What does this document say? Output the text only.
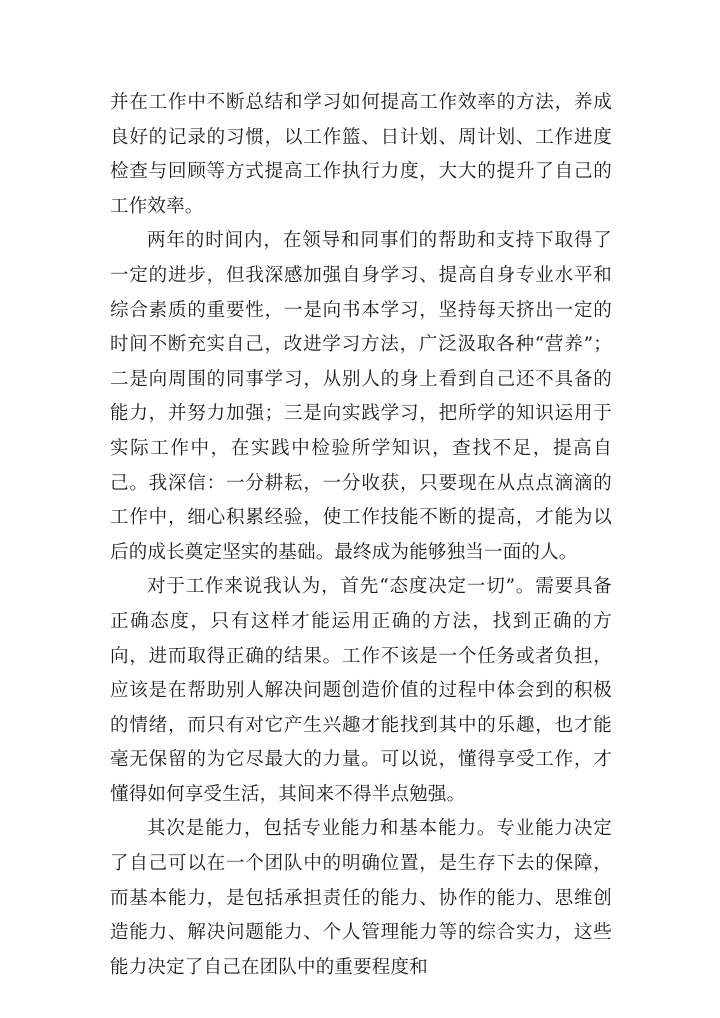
并在工作中不断总结和学习如何提高工作效率的方法，养成良好的记录的习惯，以工作篮、日计划、周计划、工作进度检查与回顾等方式提高工作执行力度，大大的提升了自己的工作效率。

两年的时间内，在领导和同事们的帮助和支持下取得了一定的进步，但我深感加强自身学习、提高自身专业水平和综合素质的重要性，一是向书本学习，坚持每天挤出一定的时间不断充实自己，改进学习方法，广泛汲取各种“营养”；二是向周围的同事学习，从别人的身上看到自己还不具备的能力，并努力加强；三是向实践学习，把所学的知识运用于实际工作中，在实践中检验所学知识，查找不足，提高自己。我深信：一分耕耘，一分收获，只要现在从点点滴滴的工作中，细心积累经验，使工作技能不断的提高，才能为以后的成长奠定坚实的基础。最终成为能够独当一面的人。

对于工作来说我认为，首先“态度决定一切”。需要具备正确态度，只有这样才能运用正确的方法，找到正确的方向，进而取得正确的结果。工作不该是一个任务或者负担，应该是在帮助别人解决问题创造价值的过程中体会到的积极的情绪，而只有对它产生兴趣才能找到其中的乐趣，也才能毫无保留的为它尽最大的力量。可以说，懂得享受工作，才懂得如何享受生活，其间来不得半点勉强。

其次是能力，包括专业能力和基本能力。专业能力决定了自己可以在一个团队中的明确位置，是生存下去的保障，而基本能力，是包括承担责任的能力、协作的能力、思维创造能力、解决问题能力、个人管理能力等的综合实力，这些能力决定了自己在团队中的重要程度和
